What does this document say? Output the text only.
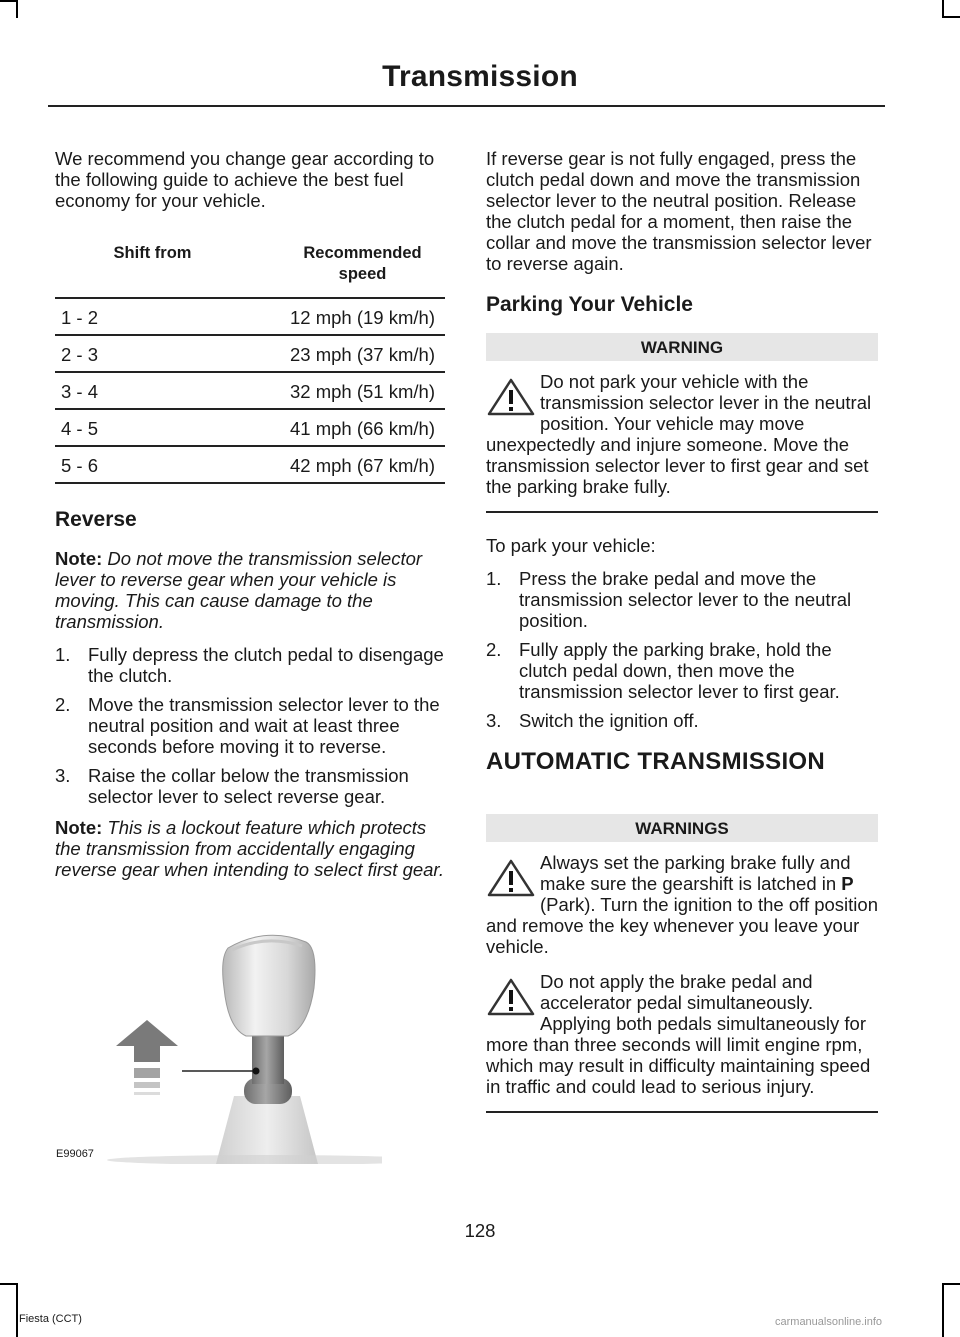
Transmission

We recommend you change gear according to the following guide to achieve the best fuel economy for your vehicle.

Shift from	Recommended speed
1 - 2	12 mph (19 km/h)
2 - 3	23 mph (37 km/h)
3 - 4	32 mph (51 km/h)
4 - 5	41 mph (66 km/h)
5 - 6	42 mph (67 km/h)
Reverse

Note: Do not move the transmission selector lever to reverse gear when your vehicle is moving. This can cause damage to the transmission.

1. Fully depress the clutch pedal to disengage the clutch.
2. Move the transmission selector lever to the neutral position and wait at least three seconds before moving it to reverse.
3. Raise the collar below the transmission selector lever to select reverse gear.

Note: This is a lockout feature which protects the transmission from accidentally engaging reverse gear when intending to select first gear.

E99067

If reverse gear is not fully engaged, press the clutch pedal down and move the transmission selector lever to the neutral position. Release the clutch pedal for a moment, then raise the collar and move the transmission selector lever to reverse again.

Parking Your Vehicle
WARNING
Do not park your vehicle with the transmission selector lever in the neutral position. Your vehicle may move unexpectedly and injure someone. Move the transmission selector lever to first gear and set the parking brake fully.

To park your vehicle:

1. Press the brake pedal and move the transmission selector lever to the neutral position.
2. Fully apply the parking brake, hold the clutch pedal down, then move the transmission selector lever to first gear.
3. Switch the ignition off.
AUTOMATIC TRANSMISSION
WARNINGS
Always set the parking brake fully and make sure the gearshift is latched in P (Park). Turn the ignition to the off position and remove the key whenever you leave your vehicle.
Do not apply the brake pedal and accelerator pedal simultaneously. Applying both pedals simultaneously for more than three seconds will limit engine rpm, which may result in difficulty maintaining speed in traffic and could lead to serious injury.
128
Fiesta (CCT)	carmanualsonline.info
